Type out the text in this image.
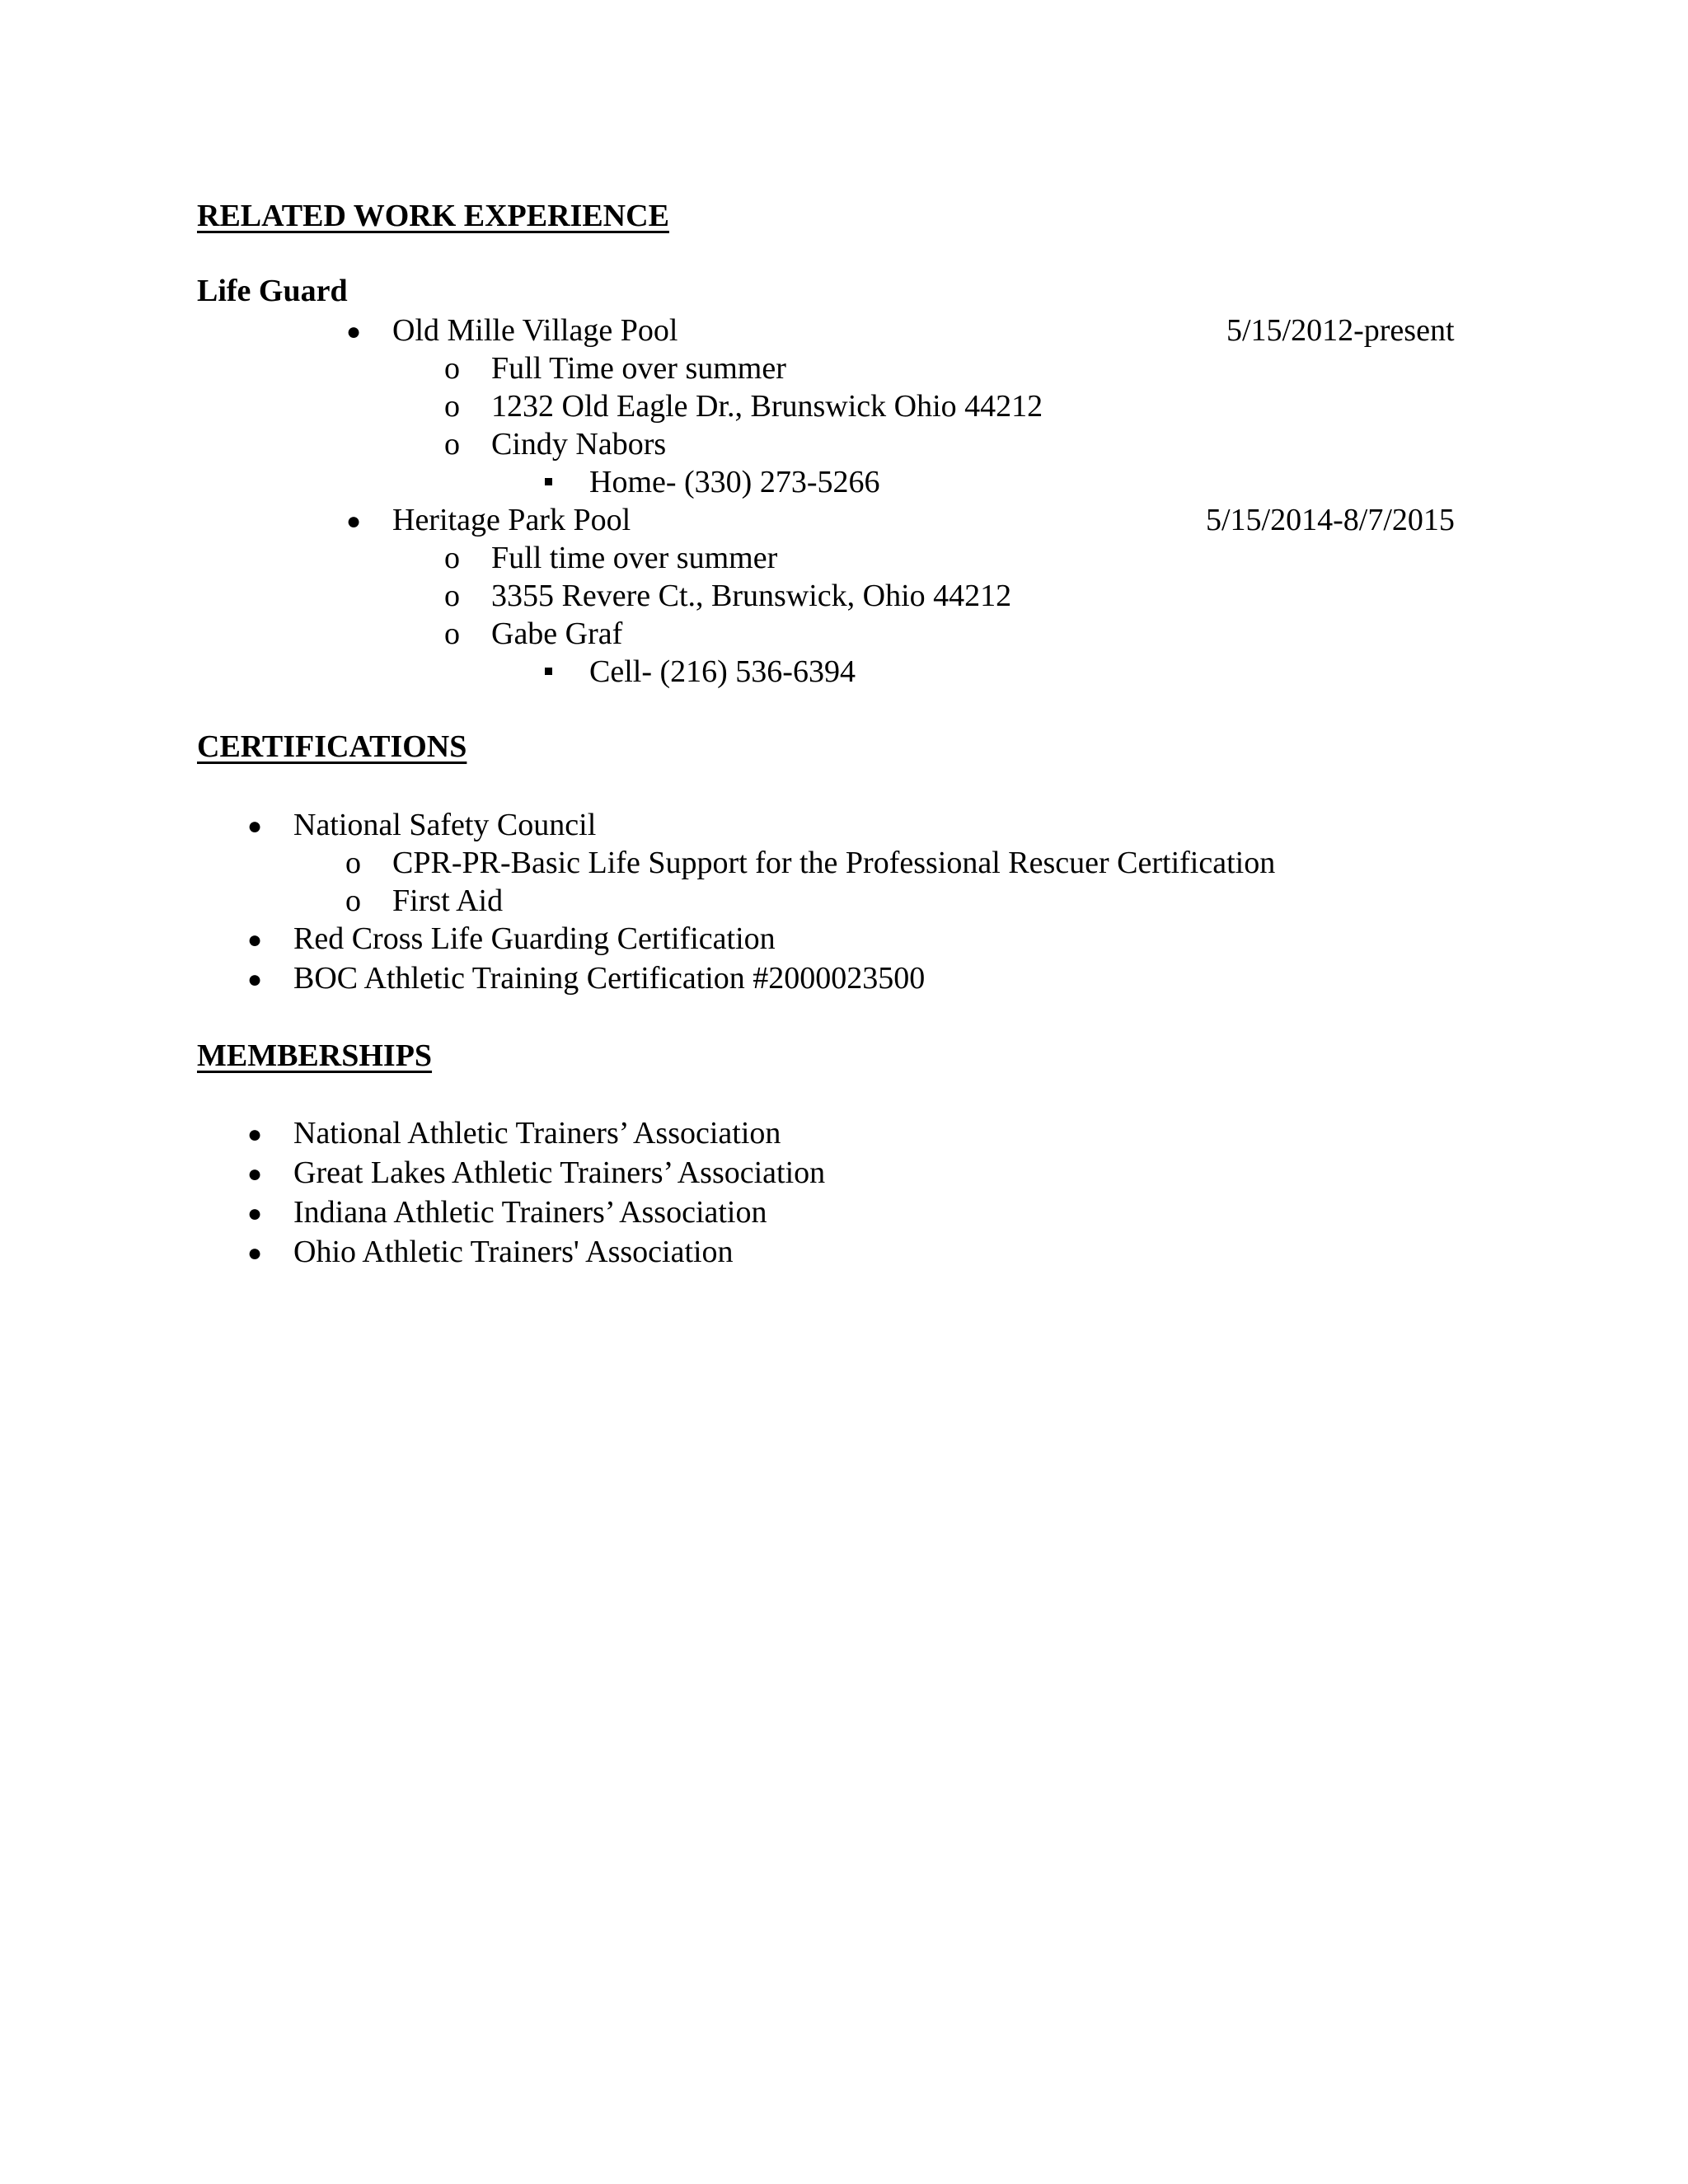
RELATED WORK EXPERIENCE
Life Guard
● Old Mille Village Pool	5/15/2012-present
o Full Time over summer
o 1232 Old Eagle Dr., Brunswick Ohio 44212
o Cindy Nabors
Home- (330) 273-5266
● Heritage Park Pool	5/15/2014-8/7/2015
o Full time over summer
o 3355 Revere Ct., Brunswick, Ohio 44212
o Gabe Graf
Cell- (216) 536-6394
CERTIFICATIONS
● National Safety Council
o CPR-PR-Basic Life Support for the Professional Rescuer Certification
o First Aid
● Red Cross Life Guarding Certification
● BOC Athletic Training Certification #2000023500
MEMBERSHIPS
● National Athletic Trainers’ Association
● Great Lakes Athletic Trainers’ Association
● Indiana Athletic Trainers’ Association
● Ohio Athletic Trainers' Association
